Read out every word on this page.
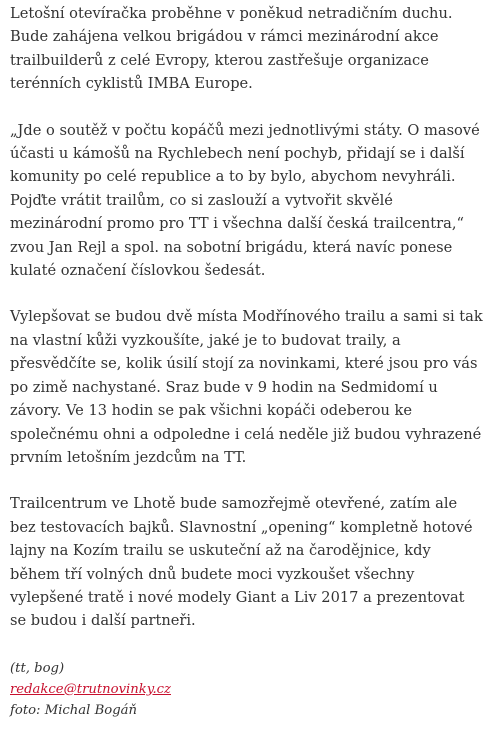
Letošní otevíračka proběhne v poněkud netradičním duchu. Bude zahájena velkou brigádou v rámci mezinárodní akce trailbuilderů z celé Evropy, kterou zastřešuje organizace terénních cyklistů IMBA Europe.

„Jde o soutěž v počtu kopáčů mezi jednotlivými státy. O masové účasti u kámošů na Rychlebech není pochyb, přidají se i další komunity po celé republice a to by bylo, abychom nevyhráli. Pojďte vrátit trailům, co si zaslouží a vytvořit skvělé mezinárodní promo pro TT i všechna další česká trailcentra,“ zvou Jan Rejl a spol. na sobotní brigádu, která navíc ponese kulaté označení číslovkou šedesát.

Vylepšovat se budou dvě místa Modřínového trailu a sami si tak na vlastní kůži vyzkoušíte, jaké je to budovat traily, a přesvědčíte se, kolik úsilí stojí za novinkami, které jsou pro vás po zimě nachystané. Sraz bude v 9 hodin na Sedmidomí u závory. Ve 13 hodin se pak všichni kopáči odeberou ke společnému ohni a odpoledne i celá neděle již budou vyhrazené prvním letošním jezdcům na TT.

Trailcentrum ve Lhotě bude samozřejmě otevřené, zatím ale bez testovacích bajků. Slavnostní „opening“ kompletně hotové lajny na Kozím trailu se uskuteční až na čarodějnice, kdy během tří volných dnů budete moci vyzkoušet všechny vylepšené tratě i nové modely Giant a Liv 2017 a prezentovat se budou i další partneři.

(tt, bog)
redakce@trutnovinky.cz
foto: Michal Bogáň
